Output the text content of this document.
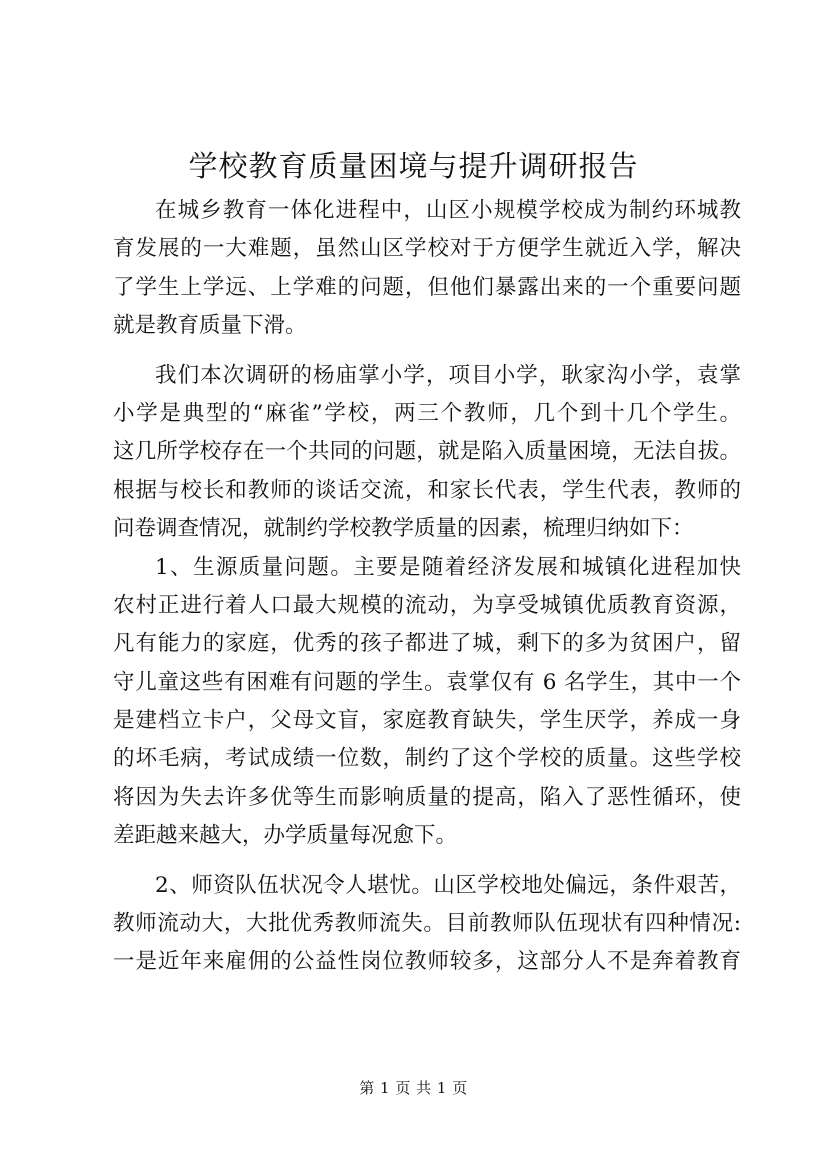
学校教育质量困境与提升调研报告
在城乡教育一体化进程中，山区小规模学校成为制约环城教
育发展的一大难题，虽然山区学校对于方便学生就近入学，解决
了学生上学远、上学难的问题，但他们暴露出来的一个重要问题
就是教育质量下滑。
我们本次调研的杨庙掌小学，项目小学，耿家沟小学，袁掌
小学是典型的“麻雀”学校，两三个教师，几个到十几个学生。
这几所学校存在一个共同的问题，就是陷入质量困境，无法自拔。
根据与校长和教师的谈话交流，和家长代表，学生代表，教师的
问卷调查情况，就制约学校教学质量的因素，梳理归纳如下：
1、生源质量问题。主要是随着经济发展和城镇化进程加快
农村正进行着人口最大规模的流动，为享受城镇优质教育资源，
凡有能力的家庭，优秀的孩子都进了城，剩下的多为贫困户，留
守儿童这些有困难有问题的学生。袁掌仅有 6 名学生，其中一个
是建档立卡户，父母文盲，家庭教育缺失，学生厌学，养成一身
的坏毛病，考试成绩一位数，制约了这个学校的质量。这些学校
将因为失去许多优等生而影响质量的提高，陷入了恶性循环，使
差距越来越大，办学质量每况愈下。
2、师资队伍状况令人堪忧。山区学校地处偏远，条件艰苦，
教师流动大，大批优秀教师流失。目前教师队伍现状有四种情况:
一是近年来雇佣的公益性岗位教师较多，这部分人不是奔着教育
第 1 页 共 1 页
